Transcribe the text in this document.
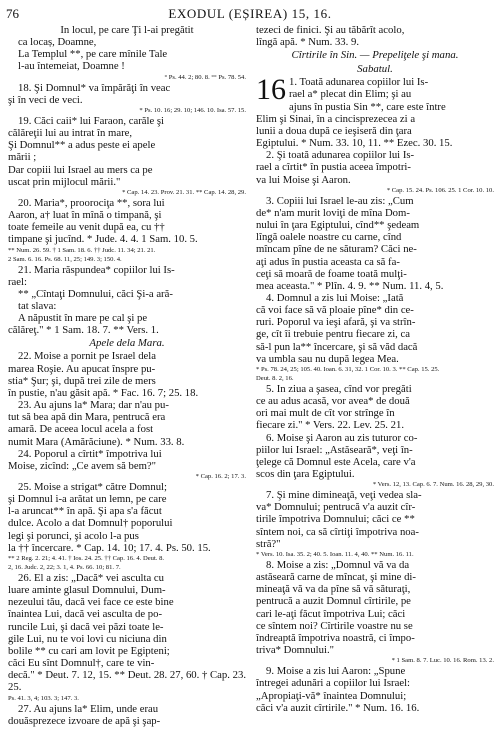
76	EXODUL (EȘIREA) 15, 16.

In locul, pe care Ţi l-ai pregătit

ca locaș, Doamne,

La Templul **, pe care mînile Tale

l-au întemeiat, Doamne !

° Ps. 44. 2; 80. 8. °° Ps. 78. 54.

18. Şi Domnul* va împărăţi în veac

şi în veci de veci.

* Ps. 10. 16; 29. 10; 146. 10. Isa. 57. 15.

19. Căci caii* lui Faraon, carăle şi

călăreţii lui au intrat în mare,

Şi Domnul** a adus peste ei apele

mării ;

Dar copiii lui Israel au mers ca pe

uscat prin mijlocul mării."

* Cap. 14. 23. Prov. 21. 31. ** Cap. 14. 28, 29.

20. Maria*, proorociţa **, sora lui

Aaron, a† luat în mînă o timpană, şi

toate femeile au venit după ea, cu ††

timpane şi jucînd. * Jude. 4. 4. 1 Sam. 10. 5.

** Num. 26. 59. † 1 Sam. 18. 6. †† Judc. 11. 34; 21. 21.

2 Sam. 6. 16. Ps. 68. 11, 25; 149. 3; 150. 4.

21. Maria răspundea* copiilor lui Is-

rael:

** „Cîntaţi Domnului, căci Şi-a ară-

tat slava:

A năpustit în mare pe cal şi pe

călăreţ." * 1 Sam. 18. 7. ** Vers. 1.

Apele dela Mara.

22. Moise a pornit pe Israel dela

marea Roşie. Au apucat înspre pu-

stia* Şur; şi, după trei zile de mers

în pustie, n'au găsit apă. * Fac. 16. 7; 25. 18.

23. Au ajuns la* Mara; dar n'au pu-

tut să bea apă din Mara, pentrucă era

amară. De aceea locul acela a fost

numit Mara (Amărăciune). * Num. 33. 8.

24. Poporul a cîrtit* împotriva lui

Moise, zicînd: „Ce avem să bem?"

* Cap. 16. 2; 17. 3.

25. Moise a strigat* către Domnul;

şi Domnul i-a arătat un lemn, pe care

l-a aruncat** în apă. Şi apa s'a făcut

dulce. Acolo a dat Domnul† poporului

legi şi porunci, şi acolo l-a pus

la †† încercare. * Cap. 14. 10; 17. 4. Ps. 50. 15.

** 2 Reg. 2. 21; 4. 41. † Ios. 24. 25. †† Cap. 16. 4. Deut. 8.

2, 16. Judc. 2, 22; 3. 1, 4. Ps. 66. 10; 81. 7.

26. El a zis: „Dacă* vei asculta cu

luare aminte glasul Domnului, Dum-

nezeului tău, dacă vei face ce este bine

înaintea Lui, dacă vei asculta de po-

runcile Lui, şi dacă vei păzi toate le-

gile Lui, nu te voi lovi cu niciuna din

bolile ** cu cari am lovit pe Egipteni;

căci Eu sînt Domnul†, care te vin-

decă." * Deut. 7. 12, 15. ** Deut. 28. 27, 60. † Cap. 23. 25.

Ps. 41. 3, 4; 103. 3; 147. 3.

27. Au ajuns la* Elim, unde erau

douăsprezece izvoare de apă şi şap-

tezeci de finici. Şi au tăbărît acolo,

lîngă apă. * Num. 33. 9.

Cîrtirile în Sin. — Prepeliţele şi mana.

Sabatul.

16 1. Toată adunarea copiilor lui Is-

rael a* plecat din Elim; şi au

ajuns în pustia Sin **, care este între

Elim şi Sinai, în a cincisprezecea zi a

lunii a doua după ce ieşiseră din ţara

Egiptului. * Num. 33. 10, 11. ** Ezec. 30. 15.

2. Şi toată adunarea copiilor lui Is-

rael a cîrtit* în pustia aceea împotri-

va lui Moise şi Aaron.

* Cap. 15. 24. Ps. 106. 25. 1 Cor. 10. 10.

3. Copiii lui Israel le-au zis: „Cum

de* n'am murit loviţi de mîna Dom-

nului în ţara Egiptului, cînd** şedeam

lîngă oalele noastre cu carne, cînd

mîncam pîne de ne săturam? Căci ne-

aţi adus în pustia aceasta ca să fa-

ceţi să moară de foame toată mulţi-

mea aceasta." * Plîn. 4. 9. ** Num. 11. 4, 5.

4. Domnul a zis lui Moise: „Iată

că voi face să vă ploaie pîne* din ce-

ruri. Poporul va ieşi afară, şi va strîn-

ge, cît îi trebuie pentru fiecare zi, ca

să-l pun la** încercare, şi să văd dacă

va umbla sau nu după legea Mea.

* Ps. 78. 24, 25; 105. 40. Ioan. 6. 31, 32. 1 Cor. 10. 3. ** Cap. 15. 25.

Deut. 8. 2, 16.

5. In ziua a şasea, cînd vor pregăti

ce au adus acasă, vor avea* de două

ori mai mult de cît vor strînge în

fiecare zi." * Vers. 22. Lev. 25. 21.

6. Moise şi Aaron au zis tuturor co-

piilor lui Israel: „Astăseară*, veţi în-

ţelege că Domnul este Acela, care v'a

scos din ţara Egiptului.

* Vers. 12, 13. Cap. 6. 7. Num. 16. 28, 29, 30.

7. Şi mine dimineaţă, veţi vedea sla-

va* Domnului; pentrucă v'a auzit cîr-

tirile împotriva Domnului; căci ce **

sîntem noi, ca să cîrtiţi împotriva noa-

stră?"

* Vers. 10. Isa. 35. 2; 40. 5. Ioan. 11. 4, 40. ** Num. 16. 11.

8. Moise a zis: „Domnul vă va da

astăseară carne de mîncat, şi mine di-

mineaţă vă va da pîne să vă săturaţi,

pentrucă a auzit Domnul cîrtirile, pe

cari le-aţi făcut împotriva Lui; căci

ce sîntem noi? Cîrtirile voastre nu se

îndreaptă împotriva noastră, ci împo-

triva* Domnului."

* 1 Sam. 8. 7. Luc. 10. 16. Rom. 13. 2.

9. Moise a zis lui Aaron: „Spune

întregei adunări a copiilor lui Israel:

„Apropiaţi-vă* înaintea Domnului;

căci v'a auzit cîrtirile." * Num. 16. 16.
